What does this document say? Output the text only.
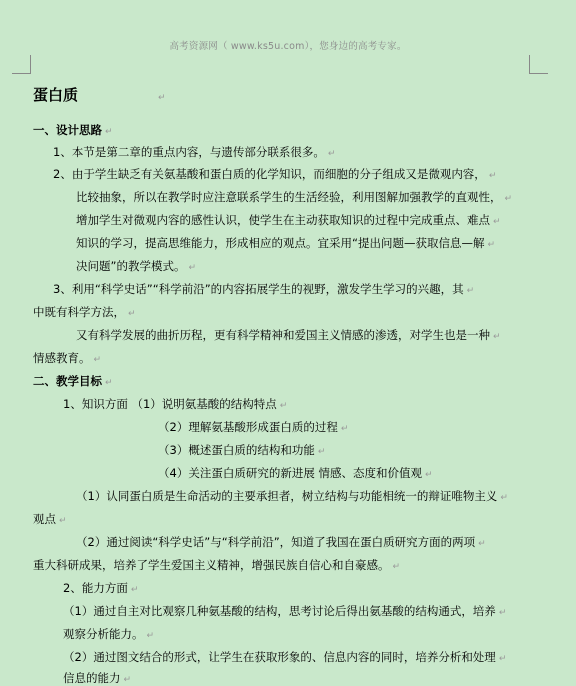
高考资源网（ www.ks5u.com），您身边的高考专家。
蛋白质	↵
一、设计思路 ↵
1、本节是第二章的重点内容，与遗传部分联系很多。 ↵
2、由于学生缺乏有关氨基酸和蛋白质的化学知识，而细胞的分子组成又是微观内容， ↵
比较抽象，所以在教学时应注意联系学生的生活经验，利用图解加强教学的直观性， ↵
增加学生对微观内容的感性认识，使学生在主动获取知识的过程中完成重点、难点 ↵
知识的学习，提高思维能力，形成相应的观点。宜采用“提出问题—获取信息—解 ↵
决问题”的教学模式。 ↵
3、利用“科学史话”“科学前沿”的内容拓展学生的视野，激发学生学习的兴趣，其 ↵
中既有科学方法， ↵
又有科学发展的曲折历程，更有科学精神和爱国主义情感的渗透，对学生也是一种 ↵
情感教育。 ↵
二、教学目标 ↵
1、知识方面 （1）说明氨基酸的结构特点 ↵
（2）理解氨基酸形成蛋白质的过程 ↵
（3）概述蛋白质的结构和功能 ↵
（4）关注蛋白质研究的新进展 情感、态度和价值观 ↵
（1）认同蛋白质是生命活动的主要承担者，树立结构与功能相统一的辩证唯物主义 ↵
观点 ↵
（2）通过阅读“科学史话”与“科学前沿”，知道了我国在蛋白质研究方面的两项 ↵
重大科研成果，培养了学生爱国主义精神，增强民族自信心和自豪感。 ↵
2、能力方面 ↵
（1）通过自主对比观察几种氨基酸的结构，思考讨论后得出氨基酸的结构通式，培养 ↵
观察分析能力。 ↵
（2）通过图文结合的形式，让学生在获取形象的、信息内容的同时，培养分析和处理 ↵
信息的能力 ↵
